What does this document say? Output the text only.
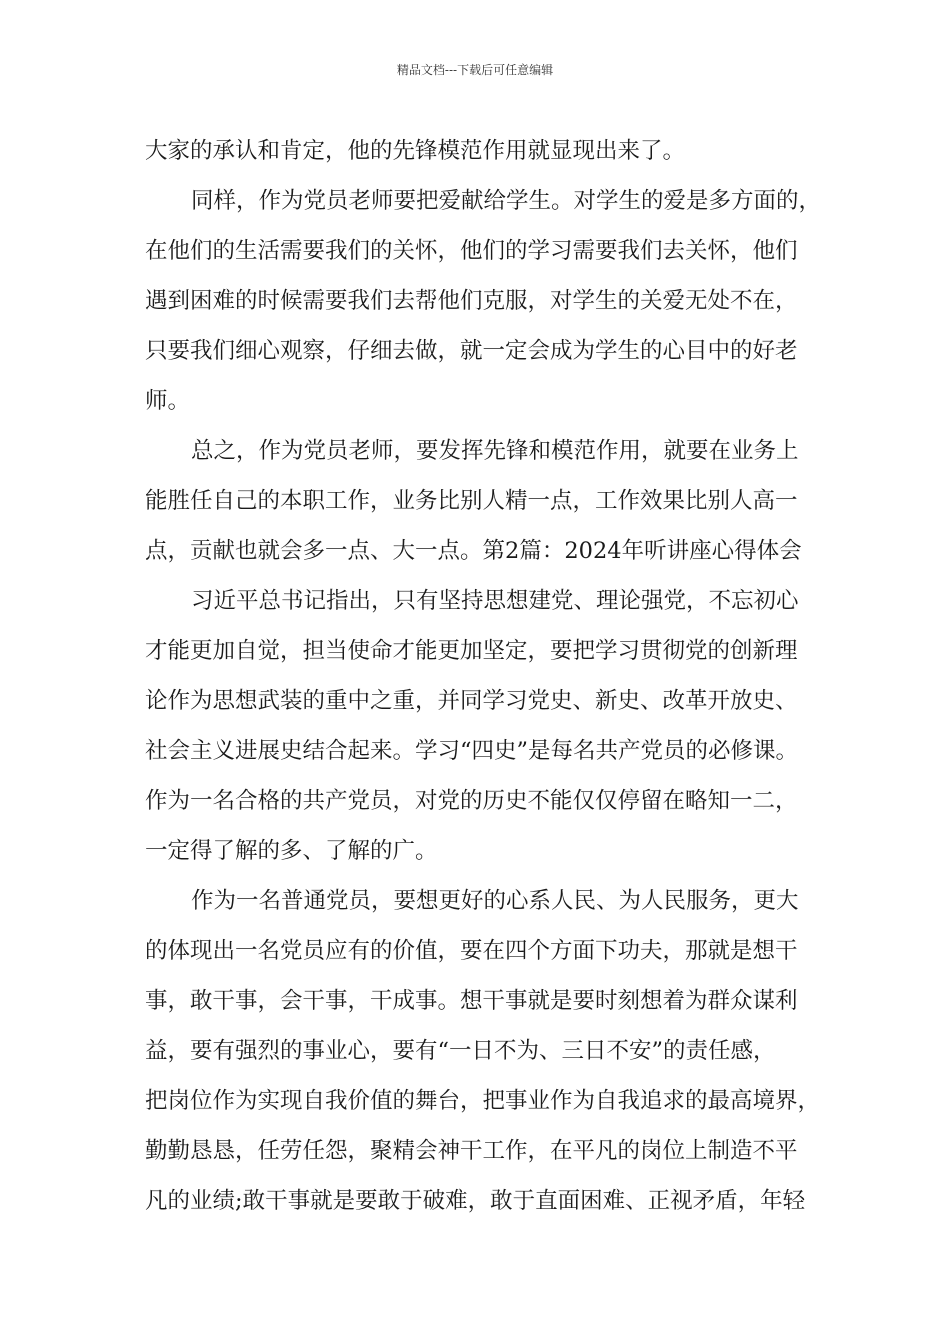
精品文档---下载后可任意编辑
大家的承认和肯定，他的先锋模范作用就显现出来了。
同样，作为党员老师要把爱献给学生。对学生的爱是多方面的，
在他们的生活需要我们的关怀，他们的学习需要我们去关怀，他们
遇到困难的时候需要我们去帮他们克服，对学生的关爱无处不在，
只要我们细心观察，仔细去做，就一定会成为学生的心目中的好老
师。
总之，作为党员老师，要发挥先锋和模范作用，就要在业务上
能胜任自己的本职工作，业务比别人精一点，工作效果比别人高一
点，贡献也就会多一点、大一点。第2篇：2024年听讲座心得体会
习近平总书记指出，只有坚持思想建党、理论强党，不忘初心
才能更加自觉，担当使命才能更加坚定，要把学习贯彻党的创新理
论作为思想武装的重中之重，并同学习党史、新史、改革开放史、
社会主义进展史结合起来。学习“四史”是每名共产党员的必修课。
作为一名合格的共产党员，对党的历史不能仅仅停留在略知一二，
一定得了解的多、了解的广。
作为一名普通党员，要想更好的心系人民、为人民服务，更大
的体现出一名党员应有的价值，要在四个方面下功夫，那就是想干
事，敢干事，会干事，干成事。想干事就是要时刻想着为群众谋利
益，要有强烈的事业心，要有“一日不为、三日不安”的责任感，
把岗位作为实现自我价值的舞台，把事业作为自我追求的最高境界，
勤勤恳恳，任劳任怨，聚精会神干工作，在平凡的岗位上制造不平
凡的业绩;敢干事就是要敢于破难，敢于直面困难、正视矛盾，年轻
